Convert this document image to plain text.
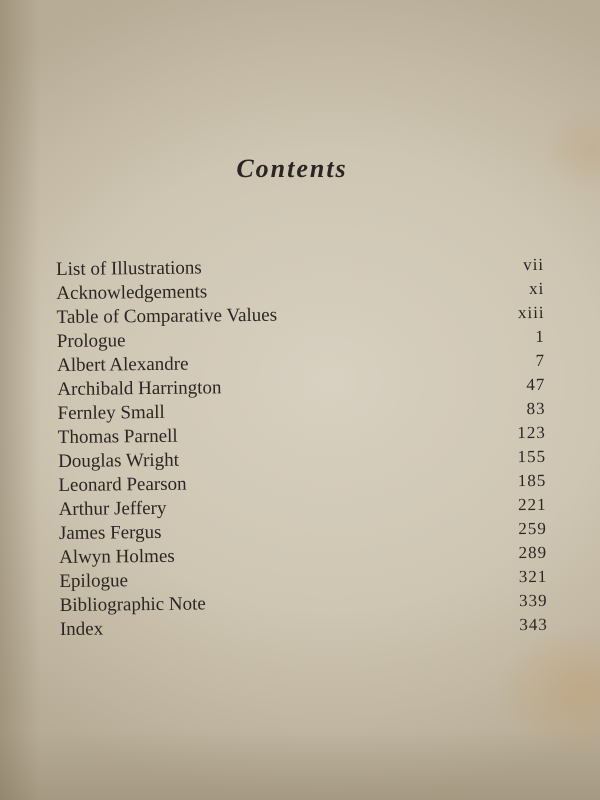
Contents
List of Illustrations	vii
Acknowledgements	xi
Table of Comparative Values	xiii
Prologue	1
Albert Alexandre	7
Archibald Harrington	47
Fernley Small	83
Thomas Parnell	123
Douglas Wright	155
Leonard Pearson	185
Arthur Jeffery	221
James Fergus	259
Alwyn Holmes	289
Epilogue	321
Bibliographic Note	339
Index	343
